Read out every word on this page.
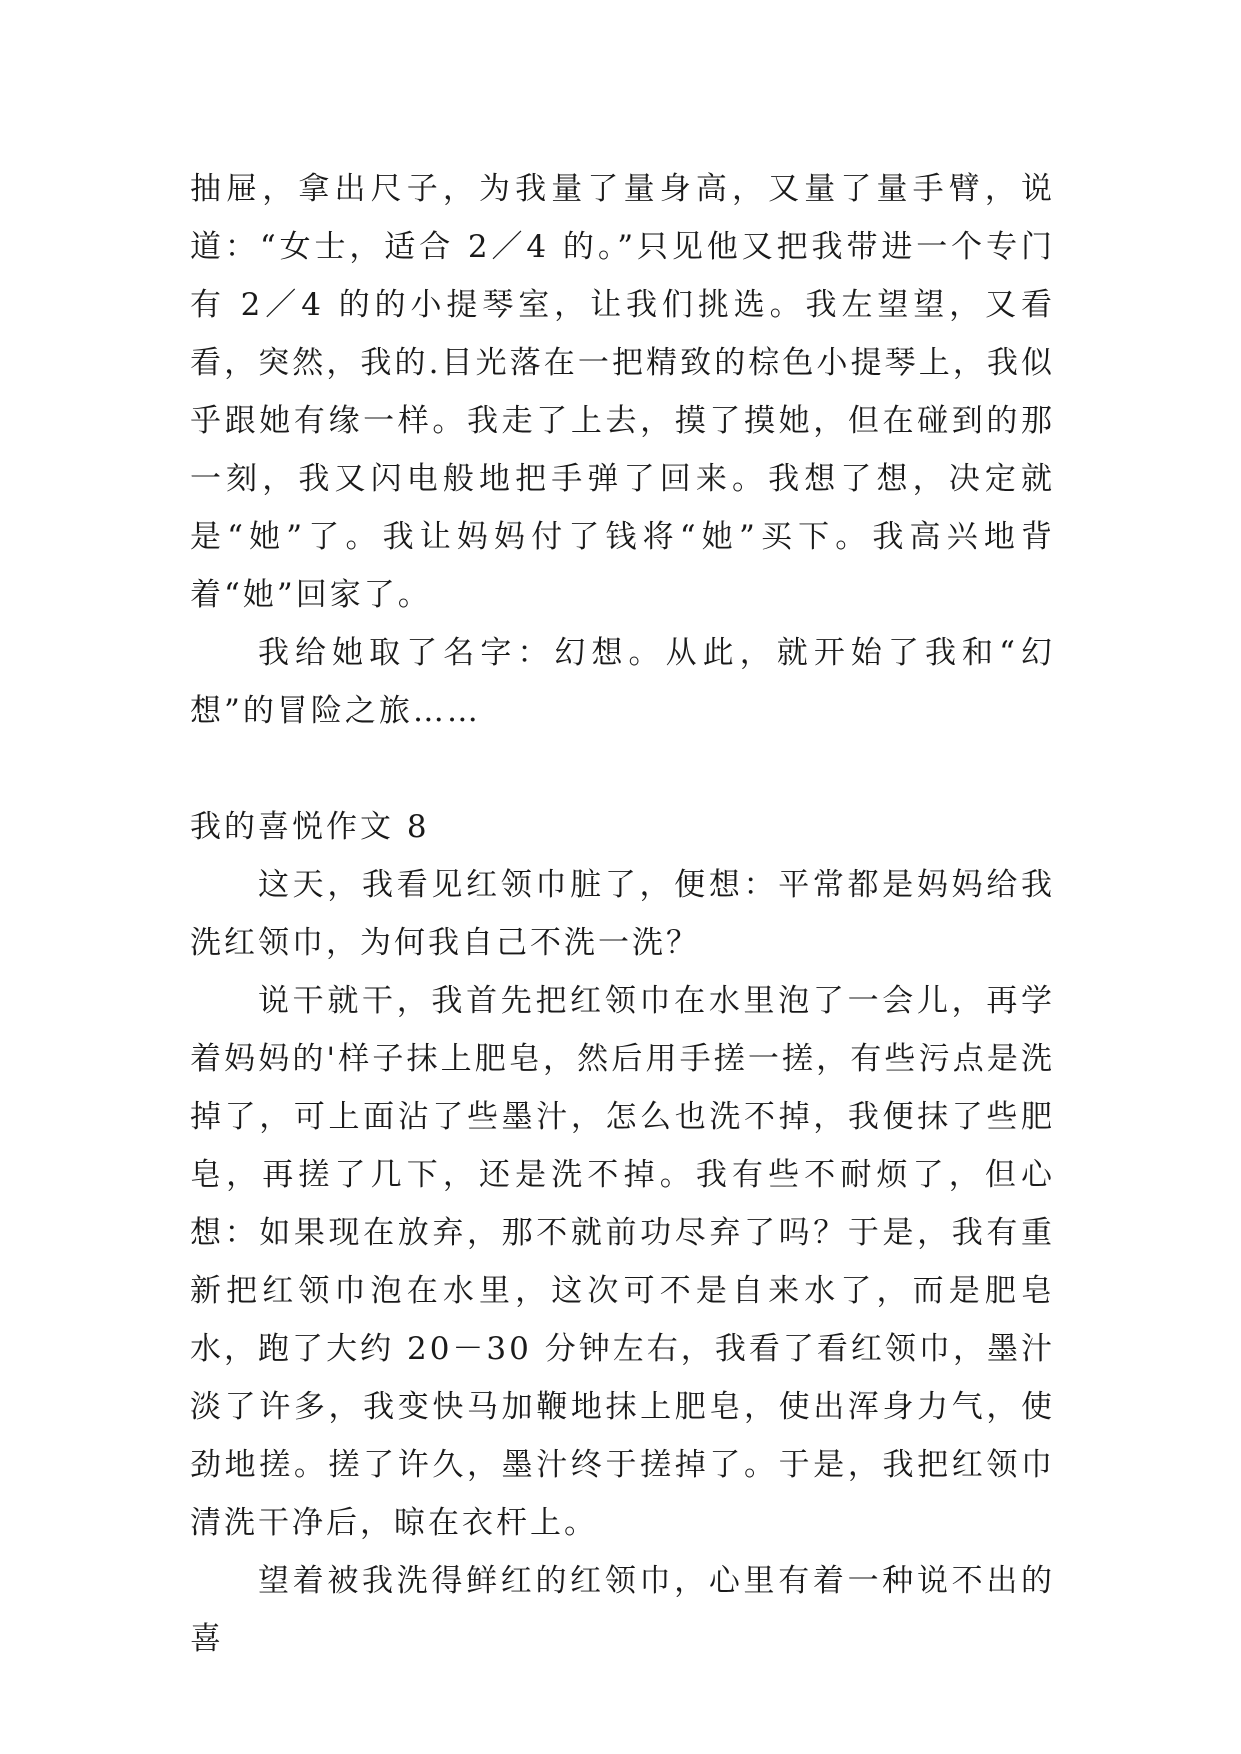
抽屉，拿出尺子，为我量了量身高，又量了量手臂，说道：“女士，适合 2／4 的。”只见他又把我带进一个专门有 2／4 的的小提琴室，让我们挑选。我左望望，又看看，突然，我的.目光落在一把精致的棕色小提琴上，我似乎跟她有缘一样。我走了上去，摸了摸她，但在碰到的那一刻，我又闪电般地把手弹了回来。我想了想，决定就是“她”了。我让妈妈付了钱将“她”买下。我高兴地背着“她”回家了。

我给她取了名字：幻想。从此，就开始了我和“幻想”的冒险之旅……

我的喜悦作文 8

这天，我看见红领巾脏了，便想：平常都是妈妈给我洗红领巾，为何我自己不洗一洗？

说干就干，我首先把红领巾在水里泡了一会儿，再学着妈妈的'样子抹上肥皂，然后用手搓一搓，有些污点是洗掉了，可上面沾了些墨汁，怎么也洗不掉，我便抹了些肥皂，再搓了几下，还是洗不掉。我有些不耐烦了，但心想：如果现在放弃，那不就前功尽弃了吗？于是，我有重新把红领巾泡在水里，这次可不是自来水了，而是肥皂水，跑了大约 20－30 分钟左右，我看了看红领巾，墨汁淡了许多，我变快马加鞭地抹上肥皂，使出浑身力气，使劲地搓。搓了许久，墨汁终于搓掉了。于是，我把红领巾清洗干净后，晾在衣杆上。

望着被我洗得鲜红的红领巾，心里有着一种说不出的喜
